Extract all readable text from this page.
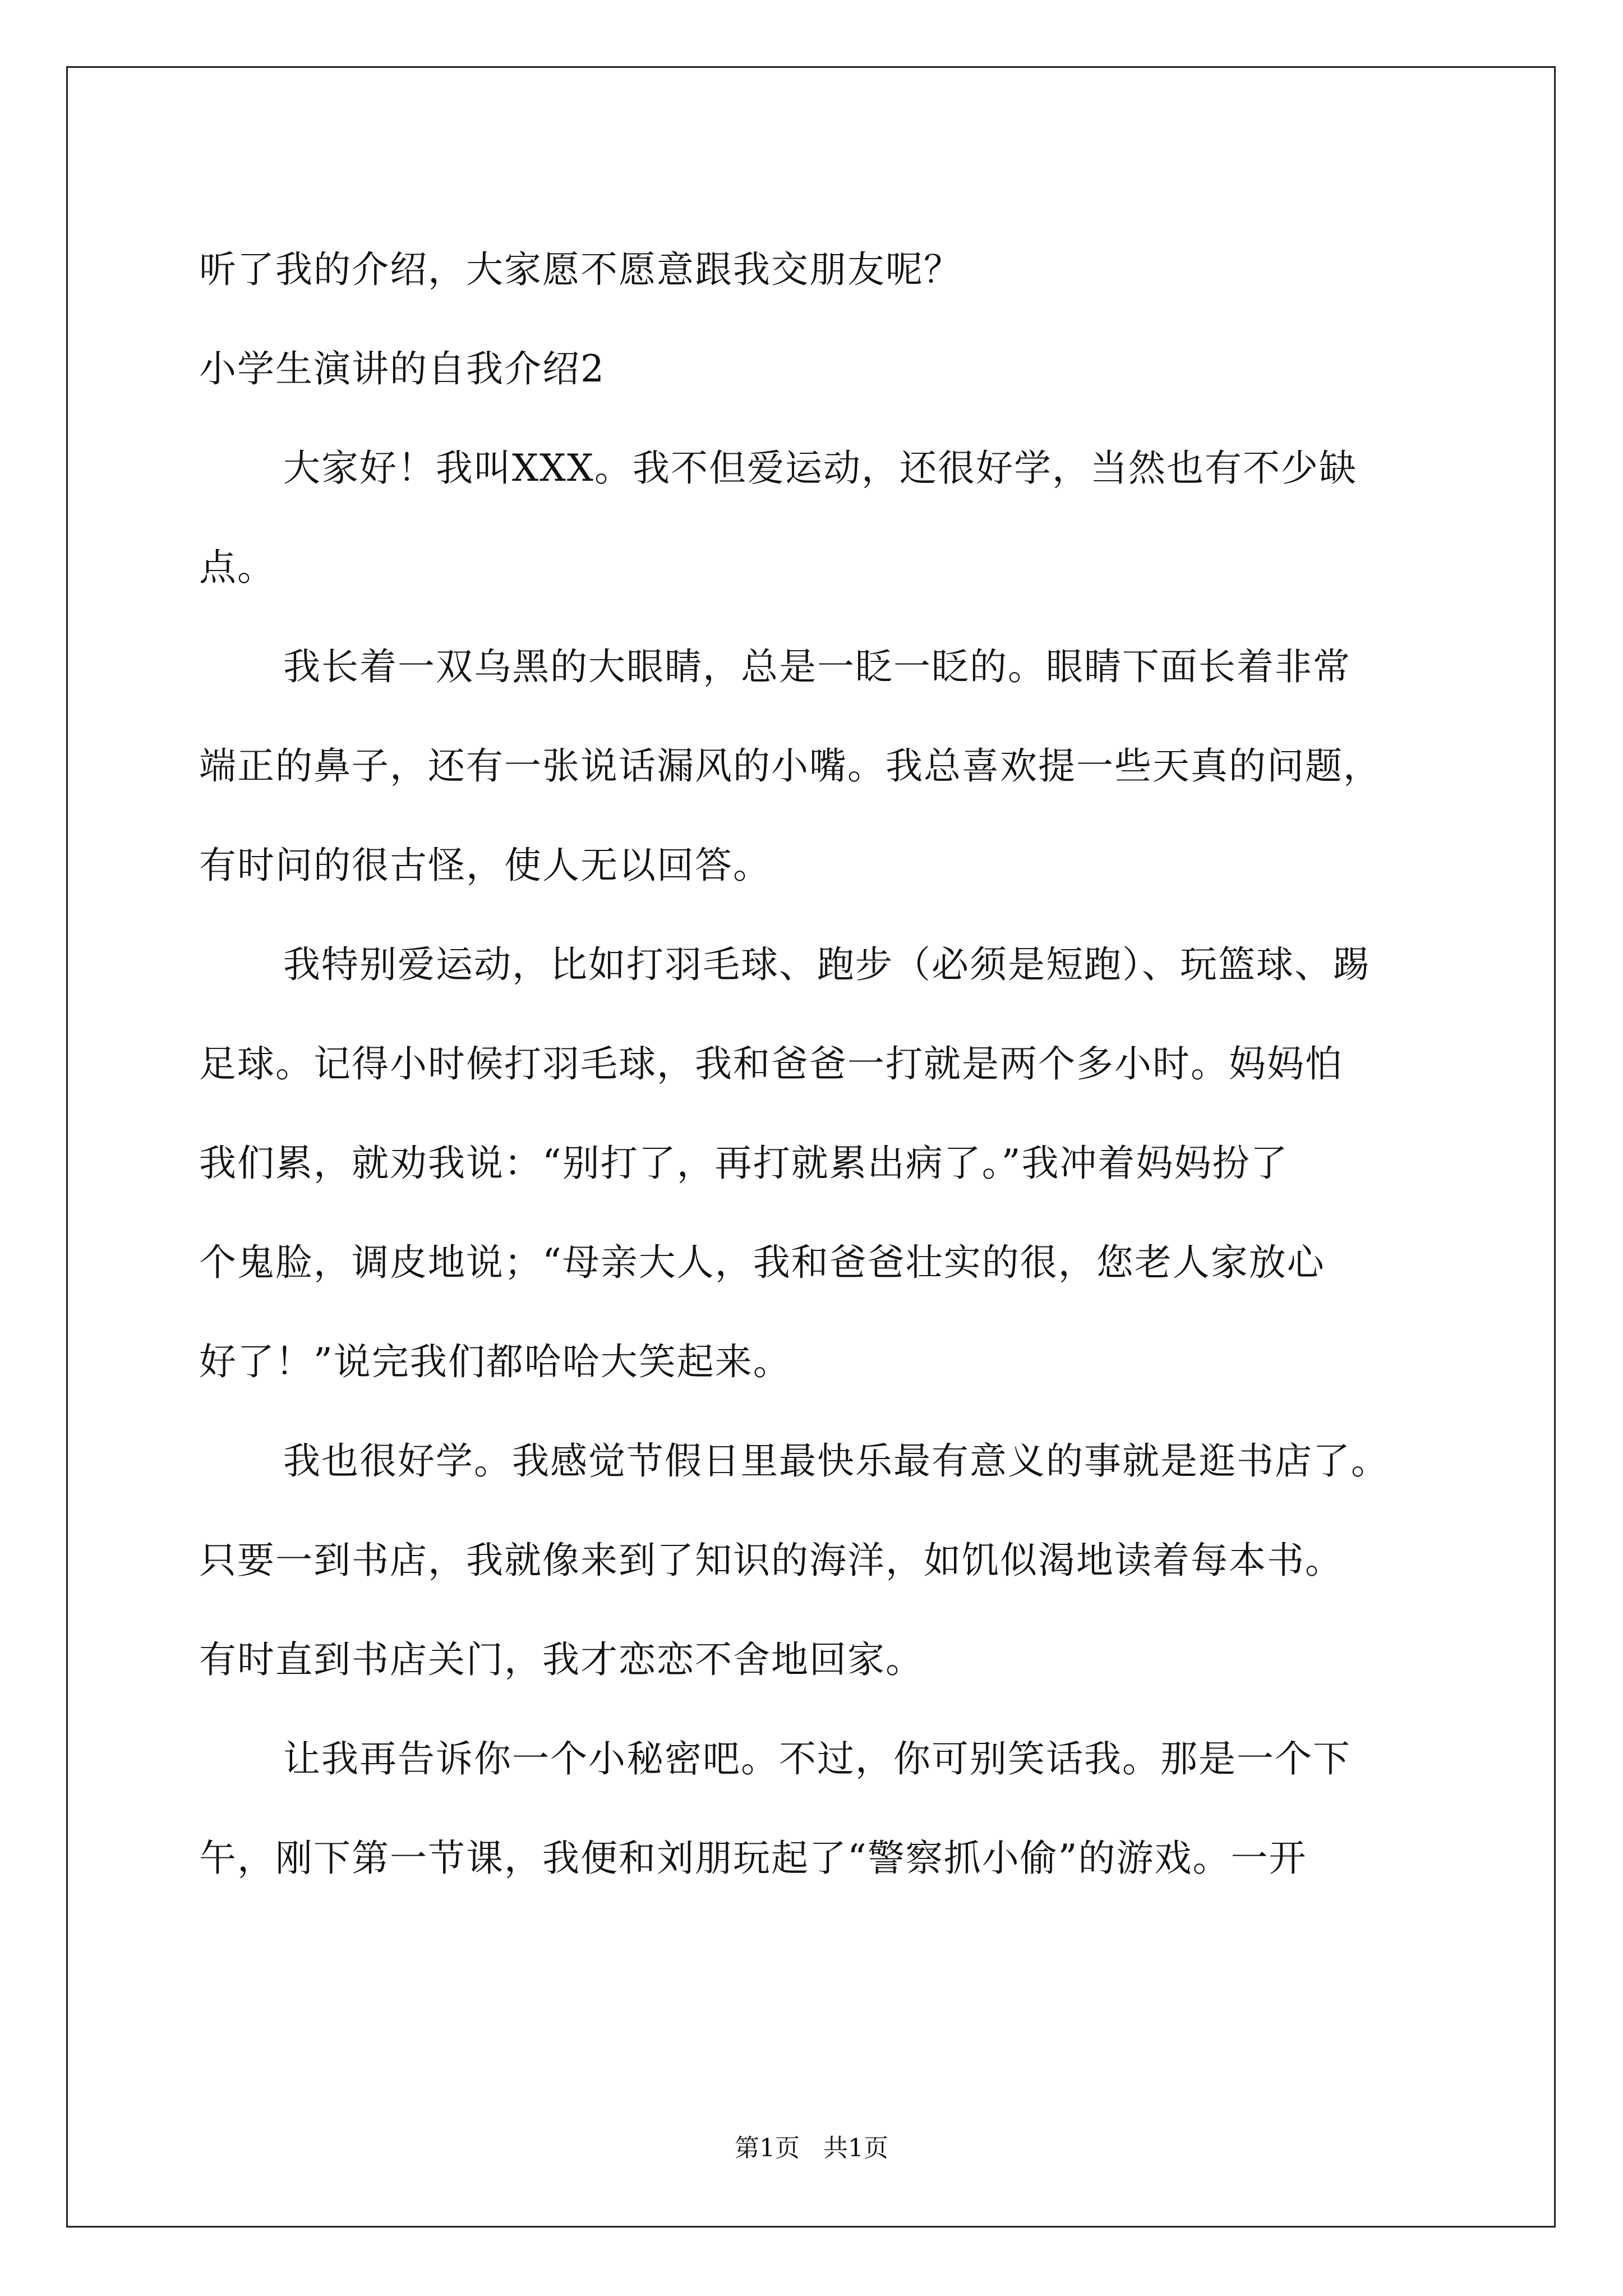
听了我的介绍，大家愿不愿意跟我交朋友呢？
小学生演讲的自我介绍2
大家好！我叫XXX。我不但爱运动，还很好学，当然也有不少缺
点。
我长着一双乌黑的大眼睛，总是一眨一眨的。眼睛下面长着非常
端正的鼻子，还有一张说话漏风的小嘴。我总喜欢提一些天真的问题，
有时问的很古怪，使人无以回答。
我特别爱运动，比如打羽毛球、跑步（必须是短跑）、玩篮球、踢
足球。记得小时候打羽毛球，我和爸爸一打就是两个多小时。妈妈怕
我们累，就劝我说：“别打了，再打就累出病了。”我冲着妈妈扮了
个鬼脸，调皮地说；“母亲大人，我和爸爸壮实的很，您老人家放心
好了！”说完我们都哈哈大笑起来。
我也很好学。我感觉节假日里最快乐最有意义的事就是逛书店了。
只要一到书店，我就像来到了知识的海洋，如饥似渴地读着每本书。
有时直到书店关门，我才恋恋不舍地回家。
让我再告诉你一个小秘密吧。不过，你可别笑话我。那是一个下
午，刚下第一节课，我便和刘朋玩起了“警察抓小偷”的游戏。一开
第1页 共1页
